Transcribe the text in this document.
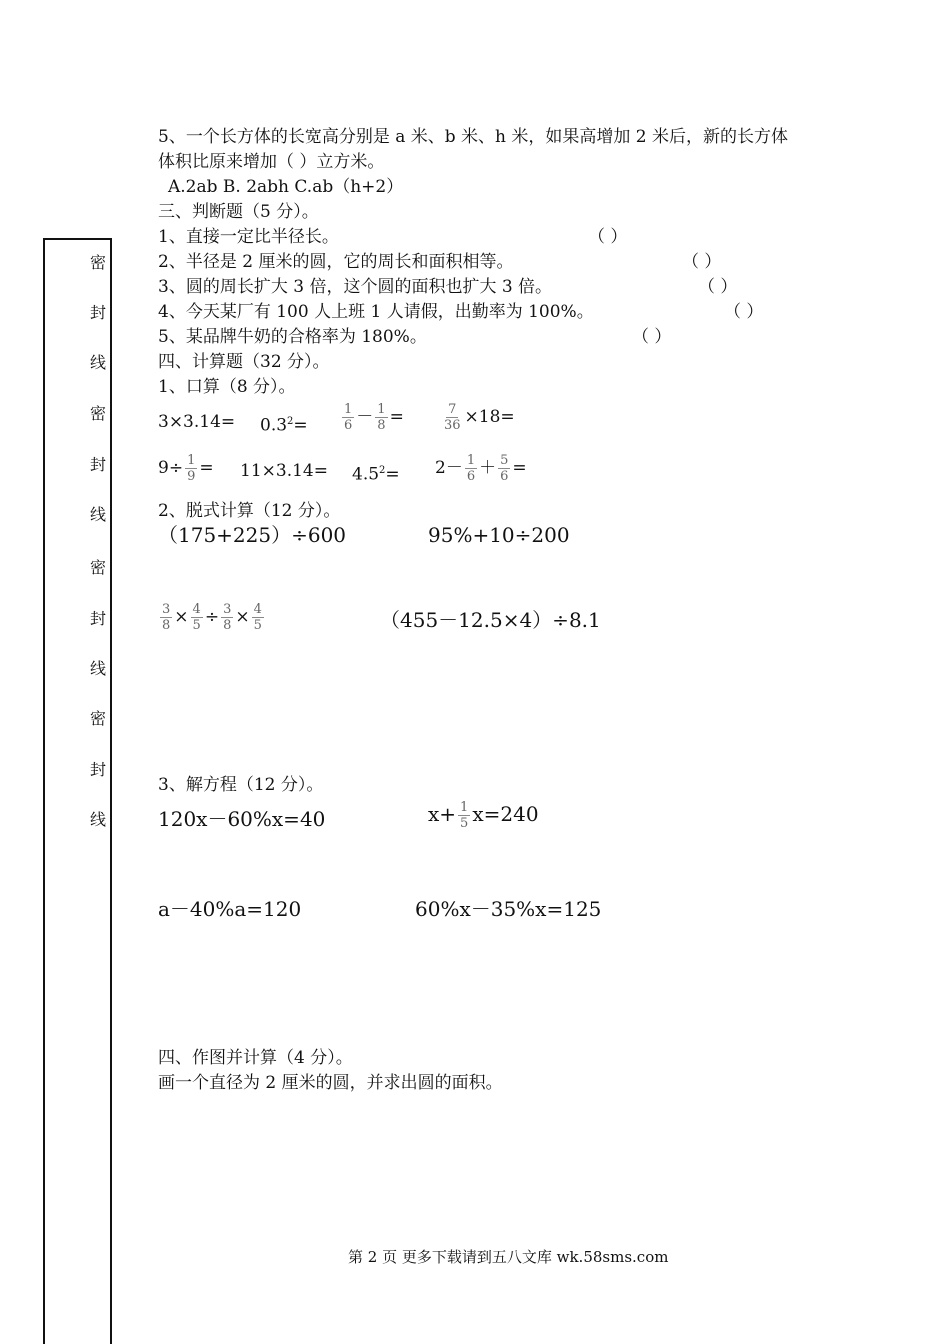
密
封
线
密
封
线
密
封
线
密
封
线
5、一个长方体的长宽高分别是 a 米、b 米、h 米，如果高增加 2 米后，新的长方体
体积比原来增加（ ）立方米。
A.2ab B. 2abh C.ab（h+2）
三、判断题（5 分）。
1、直接一定比半径长。	（ ）
2、半径是 2 厘米的圆，它的周长和面积相等。	（ ）
3、圆的周长扩大 3 倍，这个圆的面积也扩大 3 倍。	（ ）
4、今天某厂有 100 人上班 1 人请假，出勤率为 100%。	（ ）
5、某品牌牛奶的合格率为 180%。	（ ）
四、计算题（32 分）。
1、口算（8 分）。
$3\times 3.14= 0.3^2=$	$\frac{1}{6} - \frac{1}{8}$ =	$\frac{7}{36} \times 18=$
$9\div \frac{1}{9} = 11\times 3.14= 4.5^2= 2- \frac{1}{6} + \frac{5}{6}$ =
2、脱式计算（12 分）。
（175+225）÷600	95%+10÷200
$\frac{3}{8} \times \frac{4}{5} \div \frac{3}{8} \times \frac{4}{5}$	（455－12.5×4）÷8.1
3、解方程（12 分）。
120x－60%x=40	$x+ \frac{1}{5} x=240$
a－40%a=120	60%x－35%x=125
四、作图并计算（4 分）。
画一个直径为 2 厘米的圆，并求出圆的面积。
第 2 页 更多下载请到五八文库 wk.58sms.com
